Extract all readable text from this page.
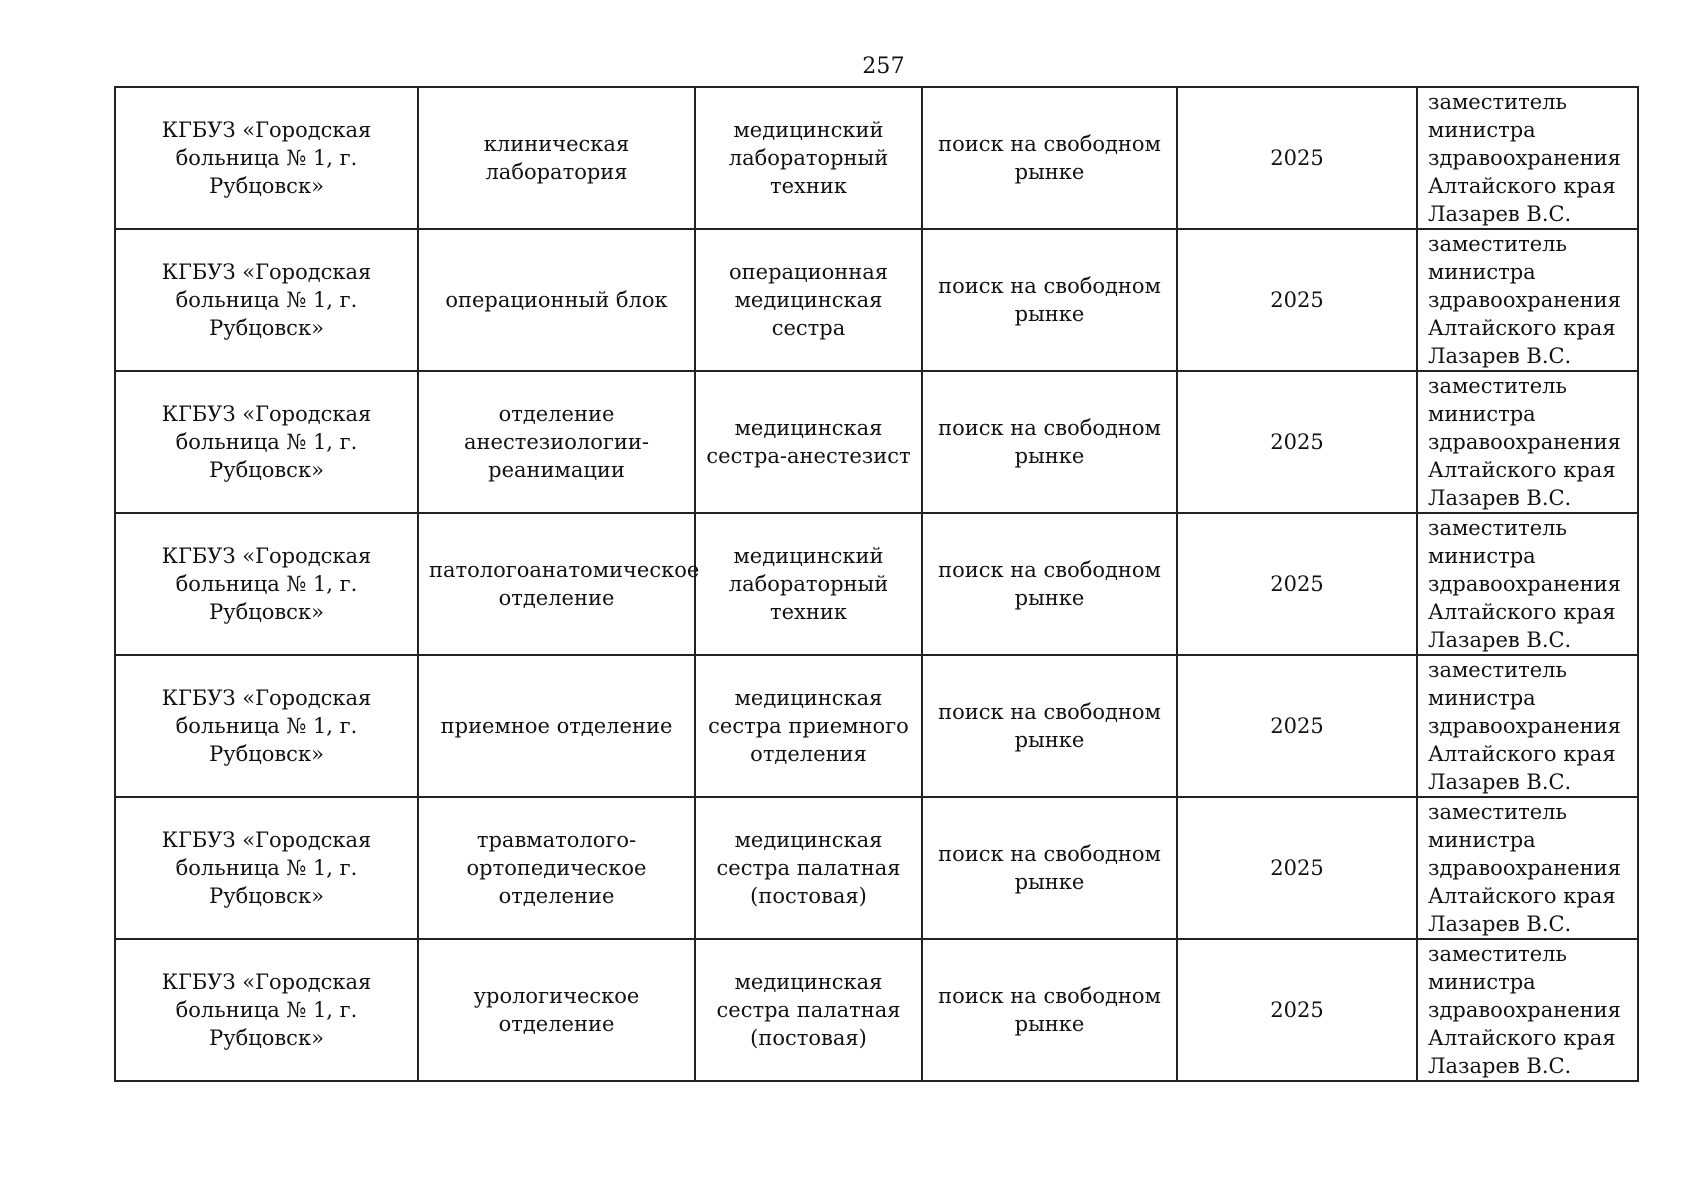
257
КГБУЗ «Городская больница № 1, г. Рубцовск»	клиническая лаборатория	медицинский лабораторный техник	поиск на свободном рынке	2025	заместитель министра здравоохранения Алтайского края Лазарев В.С.
КГБУЗ «Городская больница № 1, г. Рубцовск»	операционный блок	операционная медицинская сестра	поиск на свободном рынке	2025	заместитель министра здравоохранения Алтайского края Лазарев В.С.
КГБУЗ «Городская больница № 1, г. Рубцовск»	отделение анестезиологии-реанимации	медицинская сестра-анестезист	поиск на свободном рынке	2025	заместитель министра здравоохранения Алтайского края Лазарев В.С.
КГБУЗ «Городская больница № 1, г. Рубцовск»	патологоанатомическое отделение	медицинский лабораторный техник	поиск на свободном рынке	2025	заместитель министра здравоохранения Алтайского края Лазарев В.С.
КГБУЗ «Городская больница № 1, г. Рубцовск»	приемное отделение	медицинская сестра приемного отделения	поиск на свободном рынке	2025	заместитель министра здравоохранения Алтайского края Лазарев В.С.
КГБУЗ «Городская больница № 1, г. Рубцовск»	травматолого-ортопедическое отделение	медицинская сестра палатная (постовая)	поиск на свободном рынке	2025	заместитель министра здравоохранения Алтайского края Лазарев В.С.
КГБУЗ «Городская больница № 1, г. Рубцовск»	урологическое отделение	медицинская сестра палатная (постовая)	поиск на свободном рынке	2025	заместитель министра здравоохранения Алтайского края Лазарев В.С.
